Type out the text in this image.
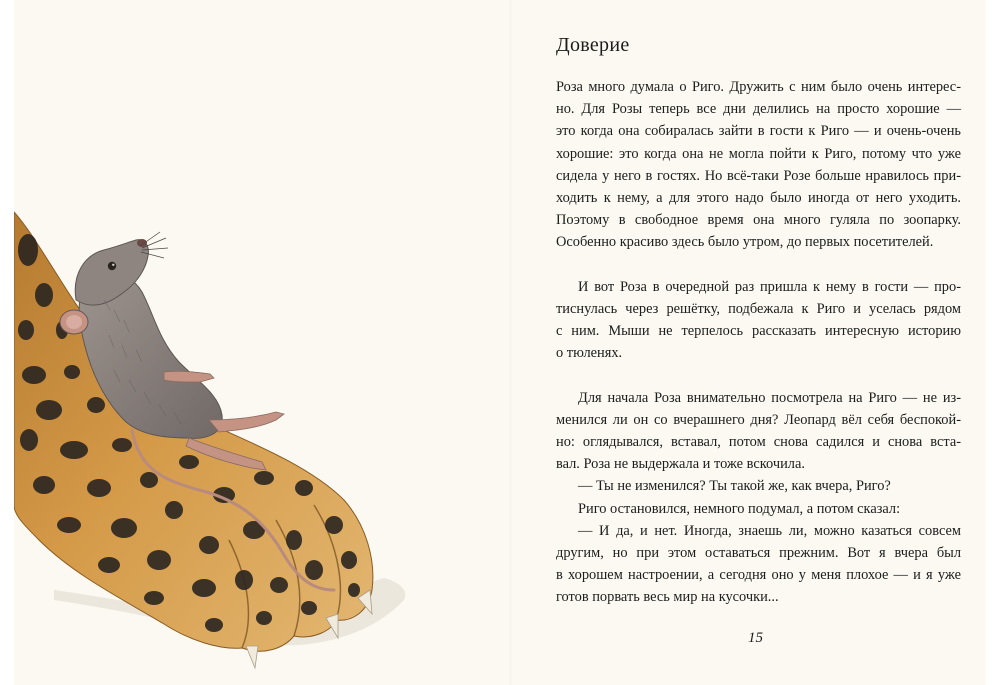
Доверие
Роза много думала о Риго. Дружить с ним было очень интерес-
но. Для Розы теперь все дни делились на просто хорошие —
это когда она собиралась зайти в гости к Риго — и очень-очень
хорошие: это когда она не могла пойти к Риго, потому что уже
сидела у него в гостях. Но всё-таки Розе больше нравилось при-
ходить к нему, а для этого надо было иногда от него уходить.
Поэтому в свободное время она много гуляла по зоопарку.
Особенно красиво здесь было утром, до первых посетителей.
И вот Роза в очередной раз пришла к нему в гости — про-
тиснулась через решётку, подбежала к Риго и уселась рядом
с ним. Мыши не терпелось рассказать интересную историю
о тюленях.
Для начала Роза внимательно посмотрела на Риго — не из-
менился ли он со вчерашнего дня? Леопард вёл себя беспокой-
но: оглядывался, вставал, потом снова садился и снова вста-
вал. Роза не выдержала и тоже вскочила.
— Ты не изменился? Ты такой же, как вчера, Риго?
Риго остановился, немного подумал, а потом сказал:
— И да, и нет. Иногда, знаешь ли, можно казаться совсем
другим, но при этом оставаться прежним. Вот я вчера был
в хорошем настроении, а сегодня оно у меня плохое — и я уже
готов порвать весь мир на кусочки...
15
